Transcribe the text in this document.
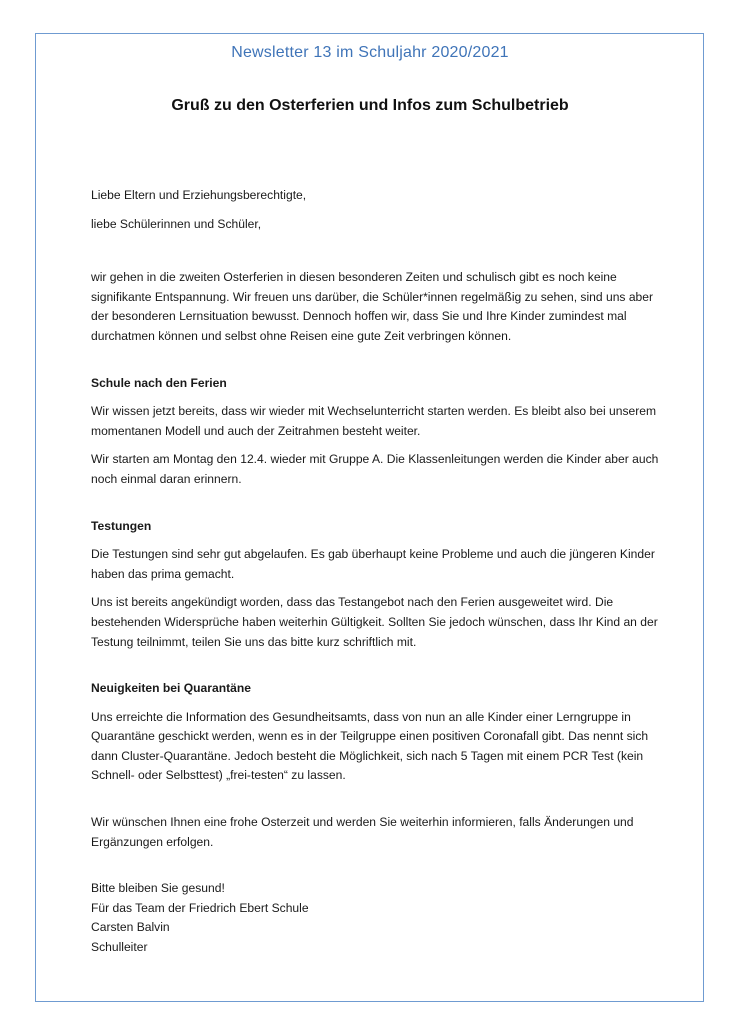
Newsletter 13 im Schuljahr 2020/2021
Gruß zu den Osterferien und Infos zum Schulbetrieb

Liebe Eltern und Erziehungsberechtigte,

liebe Schülerinnen und Schüler,

wir gehen in die zweiten Osterferien in diesen besonderen Zeiten und schulisch gibt es noch keine signifikante Entspannung. Wir freuen uns darüber, die Schüler*innen regelmäßig zu sehen, sind uns aber der besonderen Lernsituation bewusst. Dennoch hoffen wir, dass Sie und Ihre Kinder zumindest mal durchatmen können und selbst ohne Reisen eine gute Zeit verbringen können.

Schule nach den Ferien

Wir wissen jetzt bereits, dass wir wieder mit Wechselunterricht starten werden. Es bleibt also bei unserem momentanen Modell und auch der Zeitrahmen besteht weiter.

Wir starten am Montag den 12.4. wieder mit Gruppe A. Die Klassenleitungen werden die Kinder aber auch noch einmal daran erinnern.

Testungen

Die Testungen sind sehr gut abgelaufen. Es gab überhaupt keine Probleme und auch die jüngeren Kinder haben das prima gemacht.

Uns ist bereits angekündigt worden, dass das Testangebot nach den Ferien ausgeweitet wird. Die bestehenden Widersprüche haben weiterhin Gültigkeit. Sollten Sie jedoch wünschen, dass Ihr Kind an der Testung teilnimmt, teilen Sie uns das bitte kurz schriftlich mit.

Neuigkeiten bei Quarantäne

Uns erreichte die Information des Gesundheitsamts, dass von nun an alle Kinder einer Lerngruppe in Quarantäne geschickt werden, wenn es in der Teilgruppe einen positiven Coronafall gibt. Das nennt sich dann Cluster-Quarantäne. Jedoch besteht die Möglichkeit, sich nach 5 Tagen mit einem PCR Test (kein Schnell- oder Selbsttest) „frei-testen“ zu lassen.

Wir wünschen Ihnen eine frohe Osterzeit und werden Sie weiterhin informieren, falls Änderungen und Ergänzungen erfolgen.

Bitte bleiben Sie gesund!

Für das Team der Friedrich Ebert Schule

Carsten Balvin

Schulleiter
